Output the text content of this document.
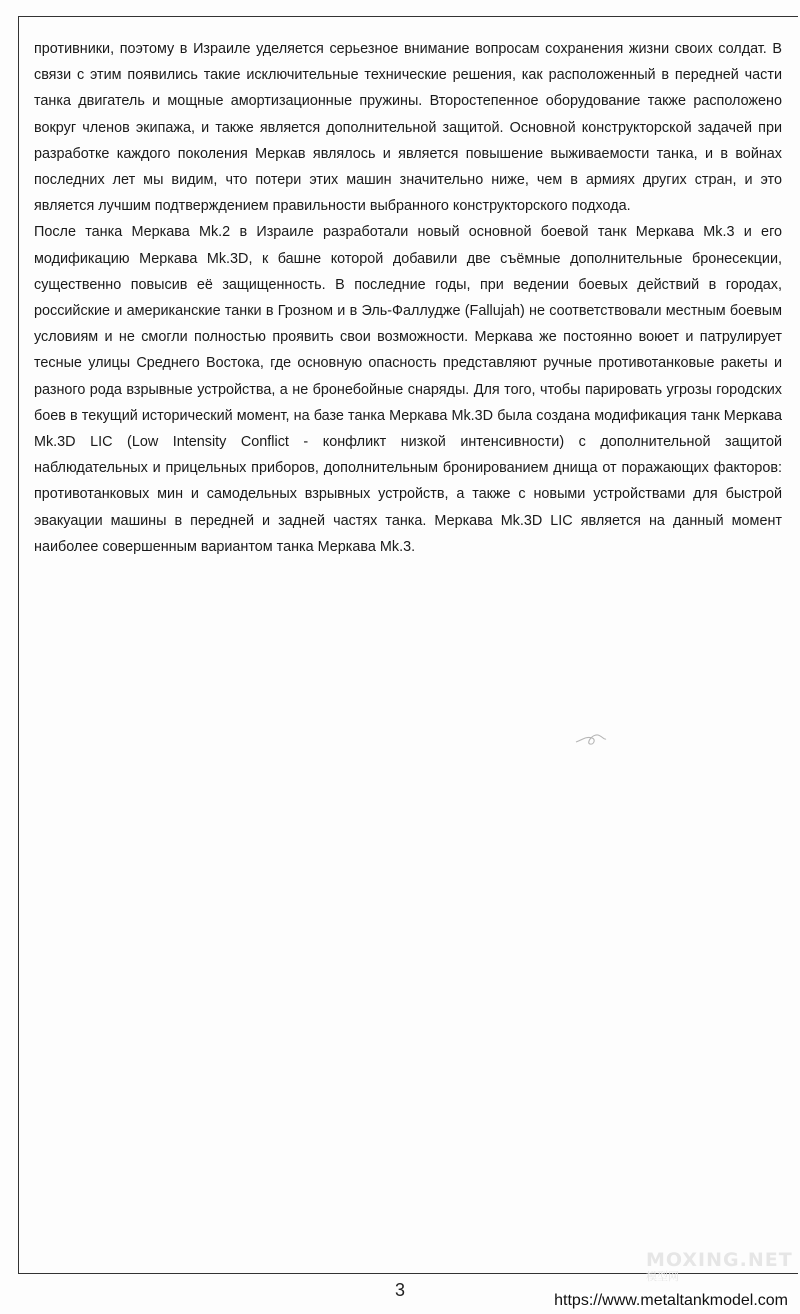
противники, поэтому в Израиле уделяется серьезное внимание вопросам сохранения жизни своих солдат. В связи с этим появились такие исключительные технические решения, как расположенный в передней части танка двигатель и мощные амортизационные пружины. Второстепенное оборудование также расположено вокруг членов экипажа, и также является дополнительной защитой. Основной конструкторской задачей при разработке каждого поколения Меркав являлось и является повышение выживаемости танка, и в войнах последних лет мы видим, что потери этих машин значительно ниже, чем в армиях других стран, и это является лучшим подтверждением правильности выбранного конструкторского подхода.

После танка Меркава Mk.2 в Израиле разработали новый основной боевой танк Меркава Mk.3 и его модификацию Меркава Mk.3D, к башне которой добавили две съёмные дополнительные бронесекции, существенно повысив её защищенность. В последние годы, при ведении боевых действий в городах, российские и американские танки в Грозном и в Эль-Фаллудже (Fallujah) не соответствовали местным боевым условиям и не смогли полностью проявить свои возможности. Меркава же постоянно воюет и патрулирует тесные улицы Среднего Востока, где основную опасность представляют ручные противотанковые ракеты и разного рода взрывные устройства, а не бронебойные снаряды. Для того, чтобы парировать угрозы городских боев в текущий исторический момент, на базе танка Меркава Mk.3D была создана модификация танк Меркава Mk.3D LIC (Low Intensity Conflict - конфликт низкой интенсивности) с дополнительной защитой наблюдательных и прицельных приборов, дополнительным бронированием днища от поражающих факторов: противотанковых мин и самодельных взрывных устройств, а также с новыми устройствами для быстрой эвакуации машины в передней и задней частях танка. Меркава Mk.3D LIC является на данный момент наиболее совершенным вариантом танка Меркава Mk.3.

MOXING.NET
模型网
3
https://www.metaltankmodel.com
